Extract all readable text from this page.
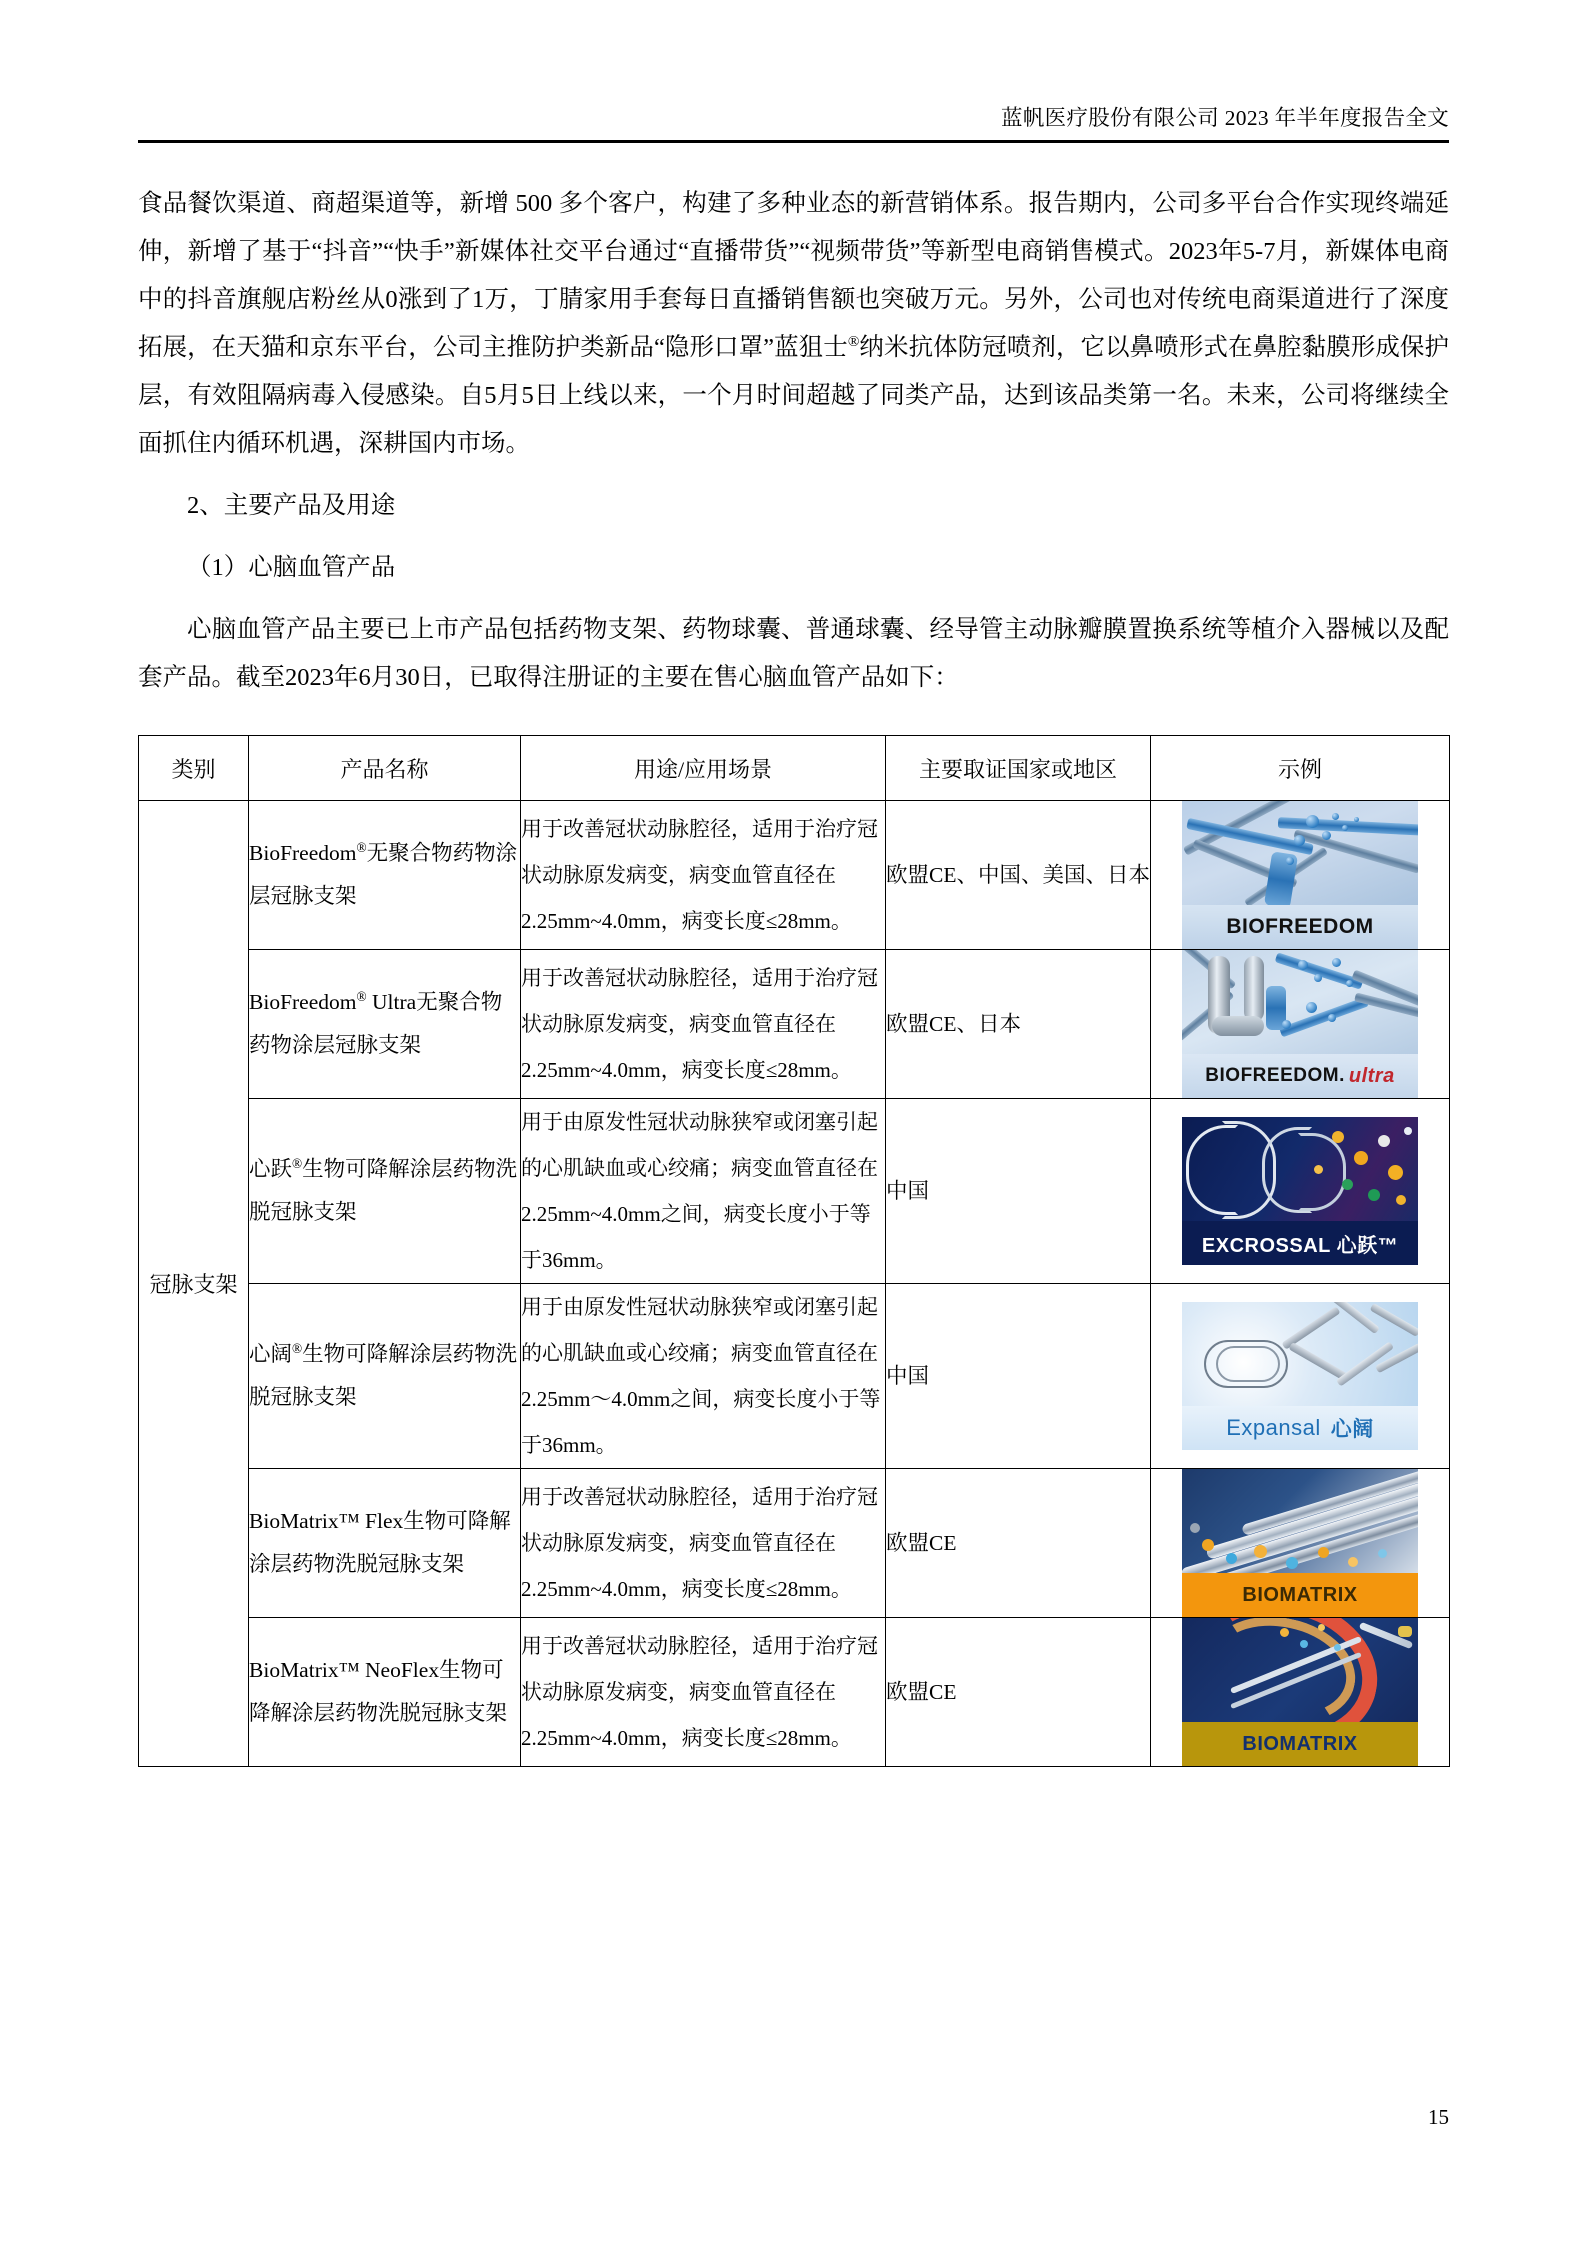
蓝帆医疗股份有限公司 2023 年半年度报告全文

食品餐饮渠道、商超渠道等，新增 500 多个客户，构建了多种业态的新营销体系。报告期内，公司多平台合作实现终端延伸，新增了基于“抖音”“快手”新媒体社交平台通过“直播带货”“视频带货”等新型电商销售模式。2023年5-7月，新媒体电商中的抖音旗舰店粉丝从0涨到了1万，丁腈家用手套每日直播销售额也突破万元。另外，公司也对传统电商渠道进行了深度拓展，在天猫和京东平台，公司主推防护类新品“隐形口罩”蓝狙士®纳米抗体防冠喷剂，它以鼻喷形式在鼻腔黏膜形成保护层，有效阻隔病毒入侵感染。自5月5日上线以来，一个月时间超越了同类产品，达到该品类第一名。未来，公司将继续全面抓住内循环机遇，深耕国内市场。

2、主要产品及用途

（1）心脑血管产品

心脑血管产品主要已上市产品包括药物支架、药物球囊、普通球囊、经导管主动脉瓣膜置换系统等植介入器械以及配套产品。截至2023年6月30日，已取得注册证的主要在售心脑血管产品如下：

类别	产品名称	用途/应用场景	主要取证国家或地区	示例
冠脉支架	BioFreedom®无聚合物药物涂层冠脉支架	用于改善冠状动脉腔径，适用于治疗冠状动脉原发病变，病变血管直径在2.25mm~4.0mm，病变长度≤28mm。	欧盟CE、中国、美国、日本	BIOFREEDOM

	BioFreedom® Ultra无聚合物药物涂层冠脉支架	用于改善冠状动脉腔径，适用于治疗冠状动脉原发病变，病变血管直径在2.25mm~4.0mm，病变长度≤28mm。	欧盟CE、日本	BIOFREEDOM. ultra

	心跃®生物可降解涂层药物洗脱冠脉支架	用于由原发性冠状动脉狭窄或闭塞引起的心肌缺血或心绞痛；病变血管直径在2.25mm~4.0mm之间，病变长度小于等于36mm。	中国	EXCROSSAL 心跃™

	心阔®生物可降解涂层药物洗脱冠脉支架	用于由原发性冠状动脉狭窄或闭塞引起的心肌缺血或心绞痛；病变血管直径在2.25mm～4.0mm之间，病变长度小于等于36mm。	中国	Expansal 心阔

	BioMatrix™ Flex生物可降解涂层药物洗脱冠脉支架	用于改善冠状动脉腔径，适用于治疗冠状动脉原发病变，病变血管直径在2.25mm~4.0mm，病变长度≤28mm。	欧盟CE	BIOMATRIX

	BioMatrix™ NeoFlex生物可降解涂层药物洗脱冠脉支架	用于改善冠状动脉腔径，适用于治疗冠状动脉原发病变，病变血管直径在2.25mm~4.0mm，病变长度≤28mm。	欧盟CE	BIOMATRIX
15
